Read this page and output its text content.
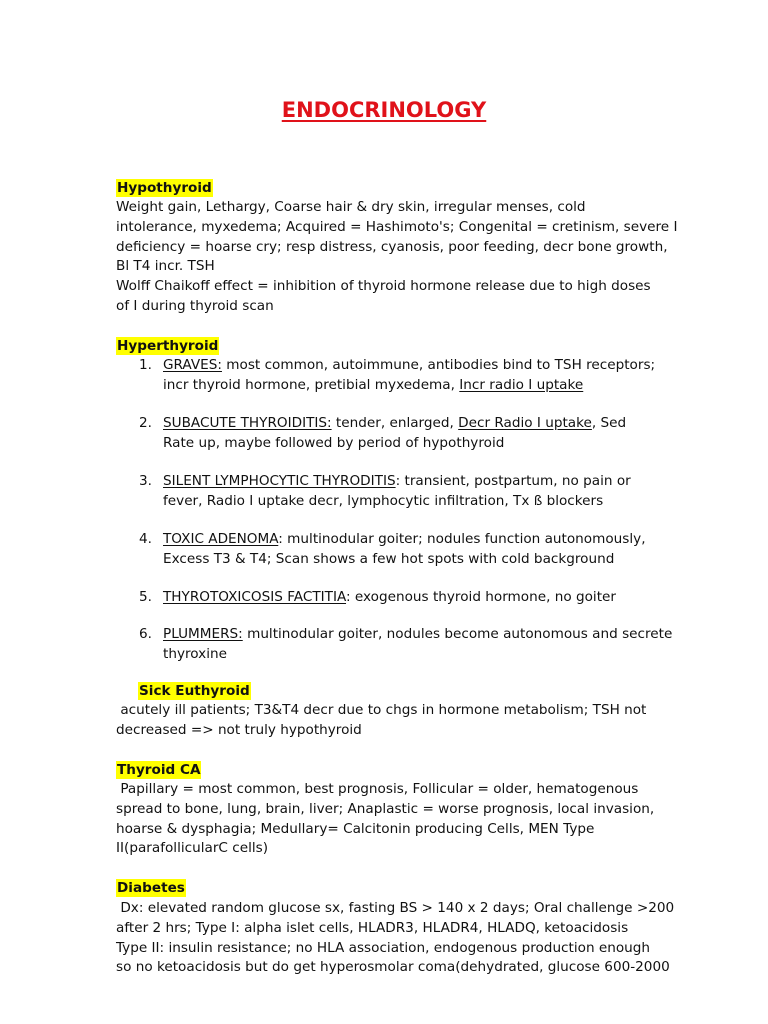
ENDOCRINOLOGY
Hypothyroid
Weight gain, Lethargy, Coarse hair & dry skin, irregular menses, cold
intolerance, myxedema; Acquired = Hashimoto's; Congenital = cretinism, severe I
deficiency = hoarse cry; resp distress, cyanosis, poor feeding, decr bone growth,
Bl T4 incr. TSH
Wolff Chaikoff effect = inhibition of thyroid hormone release due to high doses
of I during thyroid scan
Hyperthyroid
1. GRAVES: most common, autoimmune, antibodies bind to TSH receptors;
incr thyroid hormone, pretibial myxedema, Incr radio I uptake
2. SUBACUTE THYROIDITIS: tender, enlarged, Decr Radio I uptake, Sed
Rate up, maybe followed by period of hypothyroid
3. SILENT LYMPHOCYTIC THYRODITIS: transient, postpartum, no pain or
fever, Radio I uptake decr, lymphocytic infiltration, Tx ß blockers
4. TOXIC ADENOMA: multinodular goiter; nodules function autonomously,
Excess T3 & T4; Scan shows a few hot spots with cold background
5. THYROTOXICOSIS FACTITIA: exogenous thyroid hormone, no goiter
6. PLUMMERS: multinodular goiter, nodules become autonomous and secrete
thyroxine
Sick Euthyroid
acutely ill patients; T3&T4 decr due to chgs in hormone metabolism; TSH not
decreased => not truly hypothyroid
Thyroid CA
Papillary = most common, best prognosis, Follicular = older, hematogenous
spread to bone, lung, brain, liver; Anaplastic = worse prognosis, local invasion,
hoarse & dysphagia; Medullary= Calcitonin producing Cells, MEN Type
II(parafollicularC cells)
Diabetes
Dx: elevated random glucose sx, fasting BS > 140 x 2 days; Oral challenge >200
after 2 hrs; Type I: alpha islet cells, HLADR3, HLADR4, HLADQ, ketoacidosis
Type II: insulin resistance; no HLA association, endogenous production enough
so no ketoacidosis but do get hyperosmolar coma(dehydrated, glucose 600-2000
